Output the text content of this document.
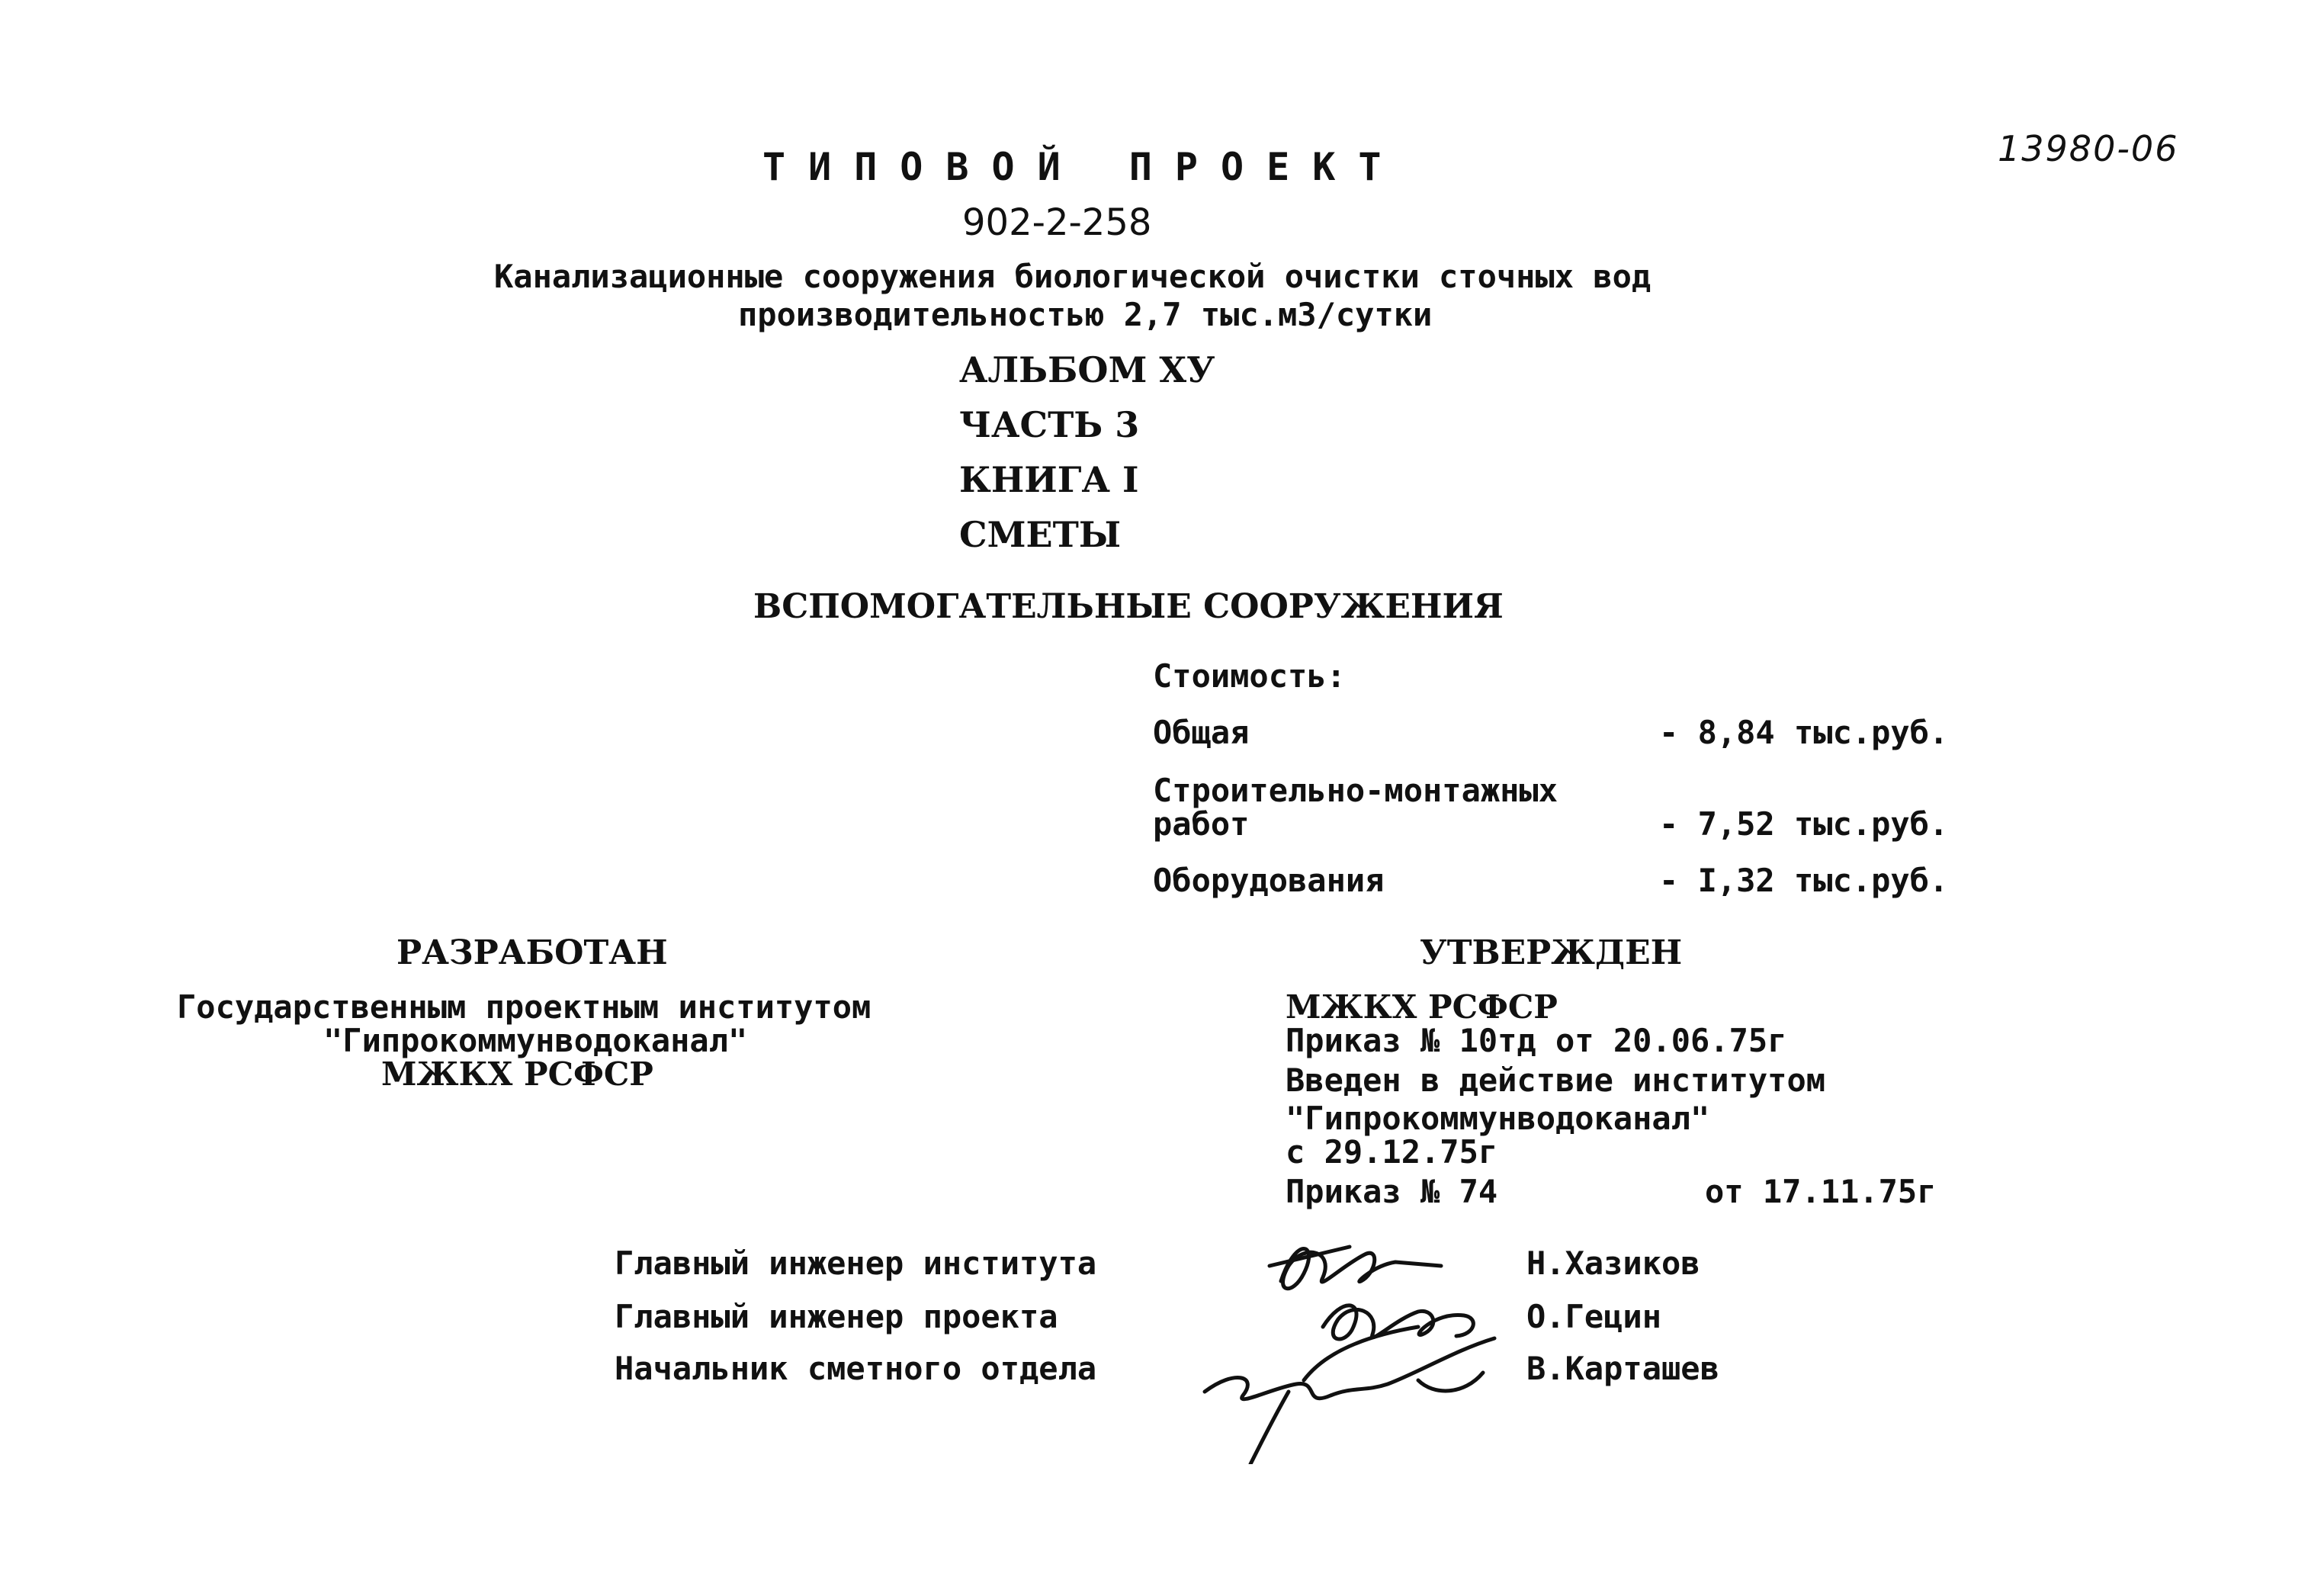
13980-06
ТИПОВОЙ ПРОЕКТ
902-2-258
Канализационные сооружения биологической очистки сточных вод
производительностью 2,7 тыс.м3/сутки
АЛЬБОМ ХУ
ЧАСТЬ 3
КНИГА I
СМЕТЫ
ВСПОМОГАТЕЛЬНЫЕ СООРУЖЕНИЯ
Стоимость:
Общая	- 8,84 тыс.руб.
Строительно-монтажных
работ	- 7,52 тыс.руб.
Оборудования	- I,32 тыс.руб.
РАЗРАБОТАН
Государственным проектным институтом
"Гипрокоммунводоканал"
МЖКХ РСФСР
УТВЕРЖДЕН
МЖКХ РСФСР
Приказ № 10тд от 20.06.75г
Введен в действие институтом
"Гипрокоммунводоканал"
с 29.12.75г
Приказ № 74	от 17.11.75г
Главный инженер института	Н.Хазиков
Главный инженер проекта	О.Гецин
Начальник сметного отдела	В.Карташев
